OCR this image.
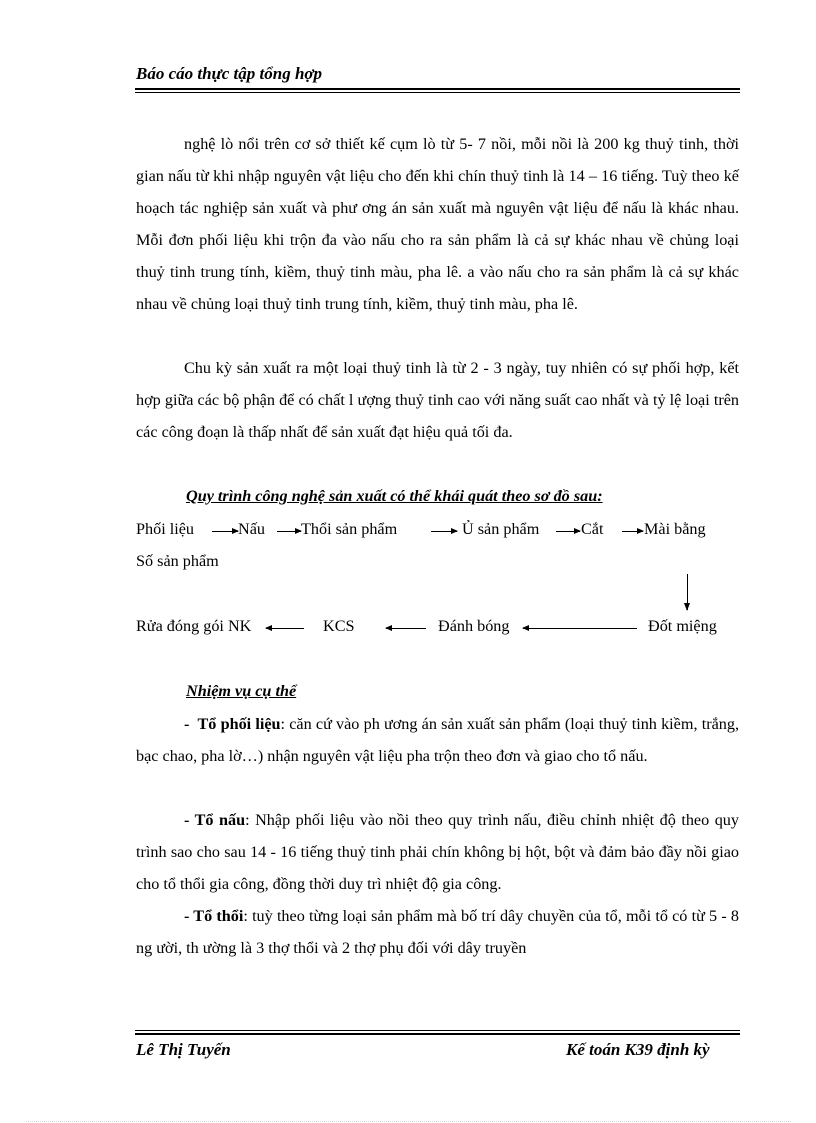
Báo cáo thực tập tổng hợp

nghệ lò nổi trên cơ sở thiết kế cụm lò từ 5- 7 nồi, mỗi nồi là 200 kg thuỷ tinh, thời gian nấu từ khi nhập nguyên vật liệu cho đến khi chín thuỷ tinh là 14 – 16 tiếng. Tuỳ theo kế hoạch tác nghiệp sản xuất và phư ơng án sản xuất mà nguyên vật liệu để nấu là khác nhau. Mỗi đơn phối liệu khi trộn đa vào nấu cho ra sản phẩm là cả sự khác nhau về chủng loại thuỷ tinh trung tính, kiềm, thuỷ tinh màu, pha lê. a vào nấu cho ra sản phẩm là cả sự khác nhau về chủng loại thuỷ tinh trung tính, kiềm, thuỷ tinh màu, pha lê.

Chu kỳ sản xuất ra một loại thuỷ tinh là từ 2 - 3 ngày, tuy nhiên có sự phối hợp, kết hợp giữa các bộ phận để có chất l ượng thuỷ tinh cao với năng suất cao nhất và tỷ lệ loại trên các công đoạn là thấp nhất để sản xuất đạt hiệu quả tối đa.

Quy trình công nghệ sản xuất có thể khái quát theo sơ đồ sau:
Phối liệu	Nấu Thổi sản phẩm	Ủ sản phẩm	Cắt	Mài bằng
Số sản phẩm
Rửa đóng gói NK	KCS	Đánh bóng	Đốt miệng
Nhiệm vụ cụ thể

-  Tổ phối liệu: căn cứ vào ph ương án sản xuất sản phẩm (loại thuỷ tinh kiềm, trắng, bạc chao, pha lờ…) nhận nguyên vật liệu pha trộn theo đơn và giao cho tổ nấu.

- Tổ nấu: Nhập phối liệu vào nồi theo quy trình nấu, điều chỉnh nhiệt độ theo quy trình sao cho sau 14 - 16 tiếng thuỷ tinh phải chín không bị hột, bột và đảm bảo đầy nồi giao cho tổ thổi gia công, đồng thời duy trì nhiệt độ gia công.

- Tổ thổi: tuỳ theo từng loại sản phẩm mà bố trí dây chuyền của tổ, mỗi tổ có từ 5 - 8 ng ười, th ường là 3 thợ thổi và 2 thợ phụ đối với dây truyền

Lê Thị Tuyến	Kế toán K39 định kỳ
